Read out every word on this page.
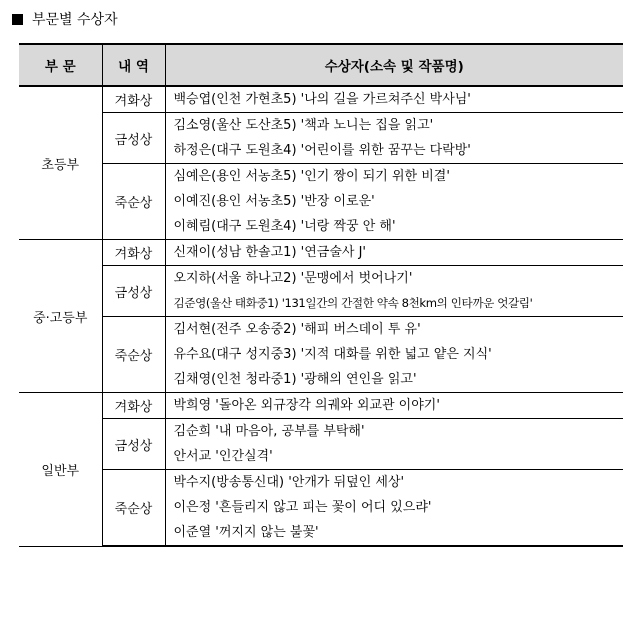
부문별 수상자
부 문	내 역	수상자(소속 및 작품명)
초등부	겨화상	백승엽(인천 가현초5) '나의 길을 가르쳐주신 박사님'

	금성상	김소영(울산 도산초5) '책과 노니는 집을 읽고'
하정은(대구 도원초4) '어린이를 위한 꿈꾸는 다락방'

	죽순상	심예은(용인 서농초5) '인기 짱이 되기 위한 비결'
이예진(용인 서농초5) '반장 이로운'
이혜림(대구 도원초4) '너랑 짝꿍 안 해'

중·고등부	겨화상	신재이(성남 한솔고1) '연금술사 J'

	금성상	오지하(서울 하나고2) '문맹에서 벗어나기'
김준영(울산 태화중1) '131일간의 간절한 약속 8천km의 인타까운 엇갈림'

	죽순상	김서현(전주 오송중2) '해피 버스데이 투 유'
유수요(대구 성지중3) '지적 대화를 위한 넓고 얕은 지식'
김채영(인천 청라중1) '광해의 연인을 읽고'

일반부	겨화상	박희영 '돌아온 외규장각 의궤와 외교관 이야기'

	금성상	김순희 '내 마음아, 공부를 부탁해'
안서교 '인간실격'

	죽순상	박수지(방송통신대) '안개가 뒤덮인 세상'
이은정 '흔들리지 않고 피는 꽃이 어디 있으랴'
이준열 '꺼지지 않는 불꽃'
